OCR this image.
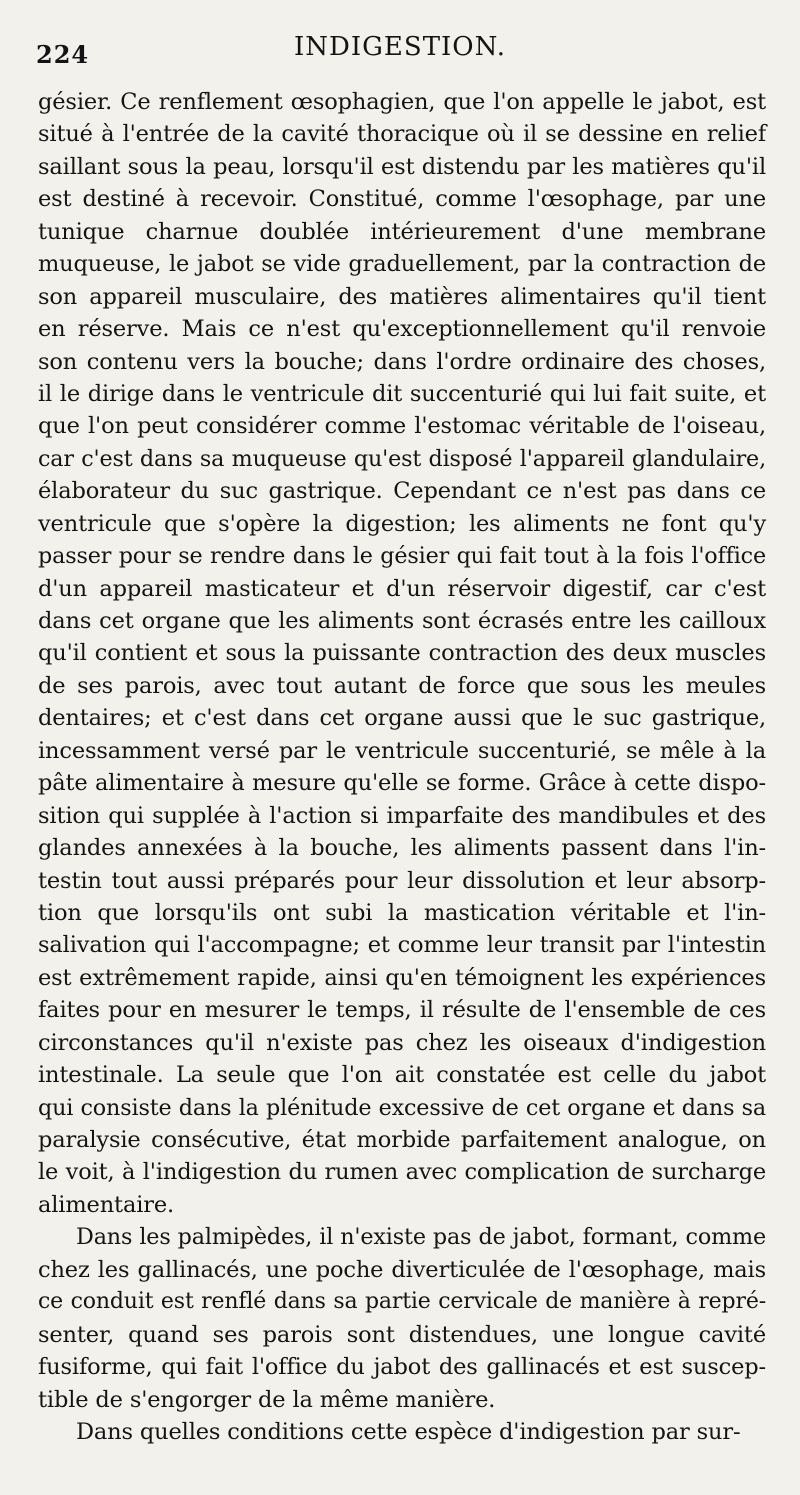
224	INDIGESTION.
gésier. Ce renflement œsophagien, que l'on appelle le jabot, est
situé à l'entrée de la cavité thoracique où il se dessine en relief
saillant sous la peau, lorsqu'il est distendu par les matières qu'il
est destiné à recevoir. Constitué, comme l'œsophage, par une
tunique charnue doublée intérieurement d'une membrane
muqueuse, le jabot se vide graduellement, par la contraction de
son appareil musculaire, des matières alimentaires qu'il tient
en réserve. Mais ce n'est qu'exceptionnellement qu'il renvoie
son contenu vers la bouche; dans l'ordre ordinaire des choses,
il le dirige dans le ventricule dit succenturié qui lui fait suite, et
que l'on peut considérer comme l'estomac véritable de l'oiseau,
car c'est dans sa muqueuse qu'est disposé l'appareil glandulaire,
élaborateur du suc gastrique. Cependant ce n'est pas dans ce
ventricule que s'opère la digestion; les aliments ne font qu'y
passer pour se rendre dans le gésier qui fait tout à la fois l'office
d'un appareil masticateur et d'un réservoir digestif, car c'est
dans cet organe que les aliments sont écrasés entre les cailloux
qu'il contient et sous la puissante contraction des deux muscles
de ses parois, avec tout autant de force que sous les meules
dentaires; et c'est dans cet organe aussi que le suc gastrique,
incessamment versé par le ventricule succenturié, se mêle à la
pâte alimentaire à mesure qu'elle se forme. Grâce à cette dispo-
sition qui supplée à l'action si imparfaite des mandibules et des
glandes annexées à la bouche, les aliments passent dans l'in-
testin tout aussi préparés pour leur dissolution et leur absorp-
tion que lorsqu'ils ont subi la mastication véritable et l'in-
salivation qui l'accompagne; et comme leur transit par l'intestin
est extrêmement rapide, ainsi qu'en témoignent les expériences
faites pour en mesurer le temps, il résulte de l'ensemble de ces
circonstances qu'il n'existe pas chez les oiseaux d'indigestion
intestinale. La seule que l'on ait constatée est celle du jabot
qui consiste dans la plénitude excessive de cet organe et dans sa
paralysie consécutive, état morbide parfaitement analogue, on
le voit, à l'indigestion du rumen avec complication de surcharge
alimentaire.
Dans les palmipèdes, il n'existe pas de jabot, formant, comme
chez les gallinacés, une poche diverticulée de l'œsophage, mais
ce conduit est renflé dans sa partie cervicale de manière à repré-
senter, quand ses parois sont distendues, une longue cavité
fusiforme, qui fait l'office du jabot des gallinacés et est suscep-
tible de s'engorger de la même manière.
Dans quelles conditions cette espèce d'indigestion par sur-
